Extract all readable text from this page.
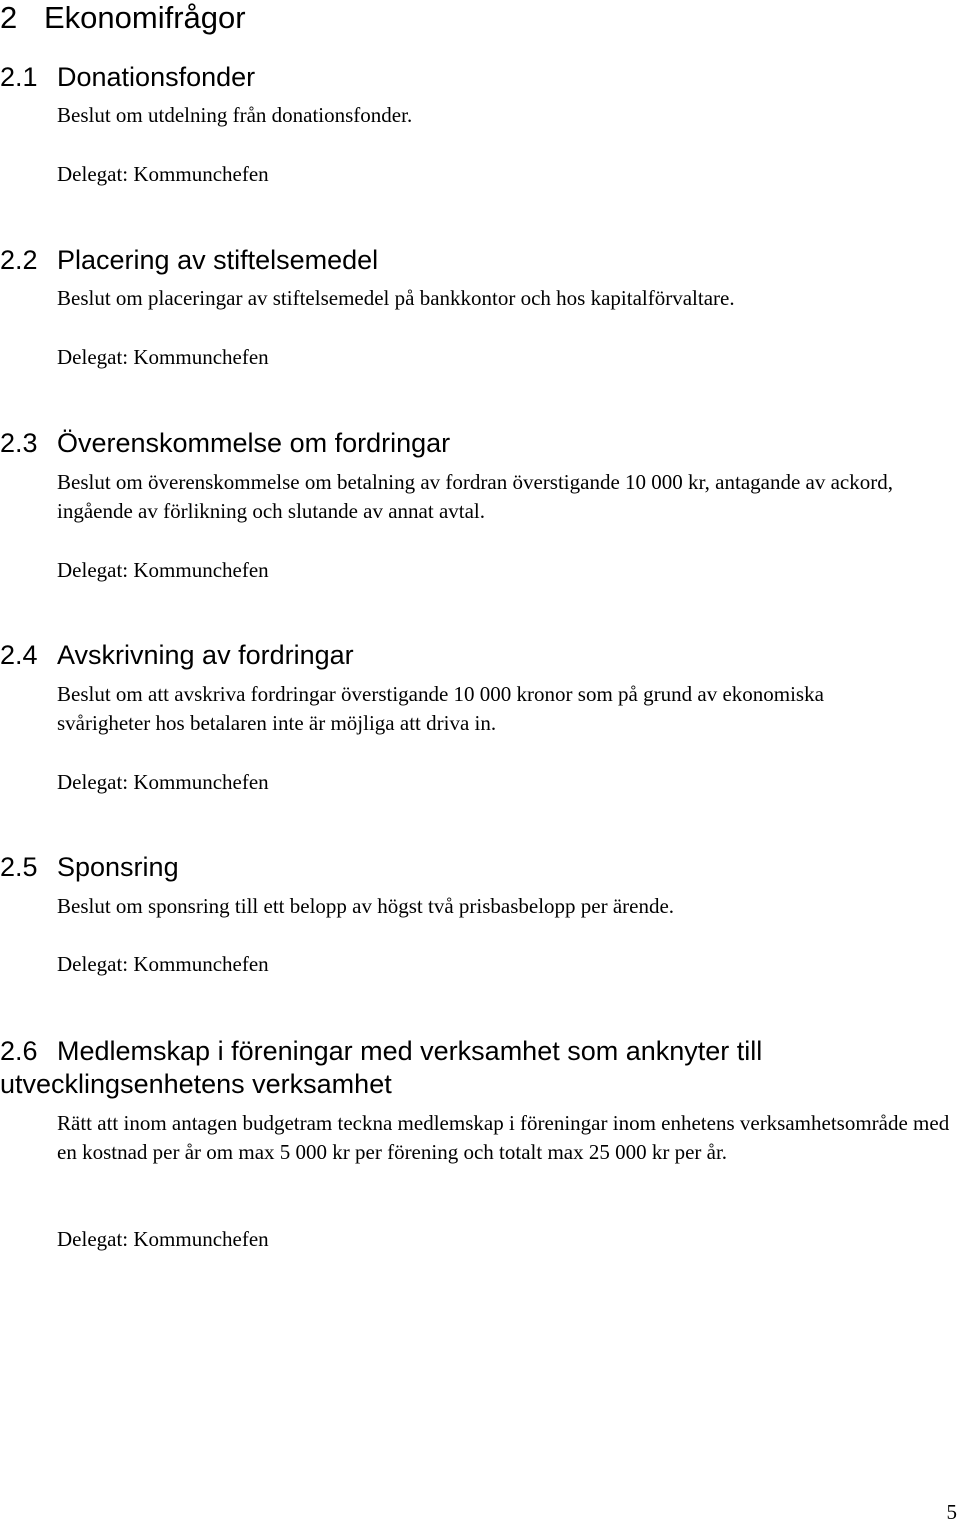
2 Ekonomifrågor
2.1 Donationsfonder

Beslut om utdelning från donationsfonder.

Delegat: Kommunchefen

2.2 Placering av stiftelsemedel

Beslut om placeringar av stiftelsemedel på bankkontor och hos kapitalförvaltare.

Delegat: Kommunchefen

2.3 Överenskommelse om fordringar

Beslut om överenskommelse om betalning av fordran överstigande 10 000 kr, antagande av ackord, ingående av förlikning och slutande av annat avtal.

Delegat: Kommunchefen

2.4 Avskrivning av fordringar

Beslut om att avskriva fordringar överstigande 10 000 kronor som på grund av ekonomiska svårigheter hos betalaren inte är möjliga att driva in.

Delegat: Kommunchefen

2.5 Sponsring

Beslut om sponsring till ett belopp av högst två prisbasbelopp per ärende.

Delegat: Kommunchefen

2.6 Medlemskap i föreningar med verksamhet som anknyter till utvecklingsenhetens verksamhet

Rätt att inom antagen budgetram teckna medlemskap i föreningar inom enhetens verksamhetsområde med en kostnad per år om max 5 000 kr per förening och totalt max 25 000 kr per år.

Delegat: Kommunchefen

5
